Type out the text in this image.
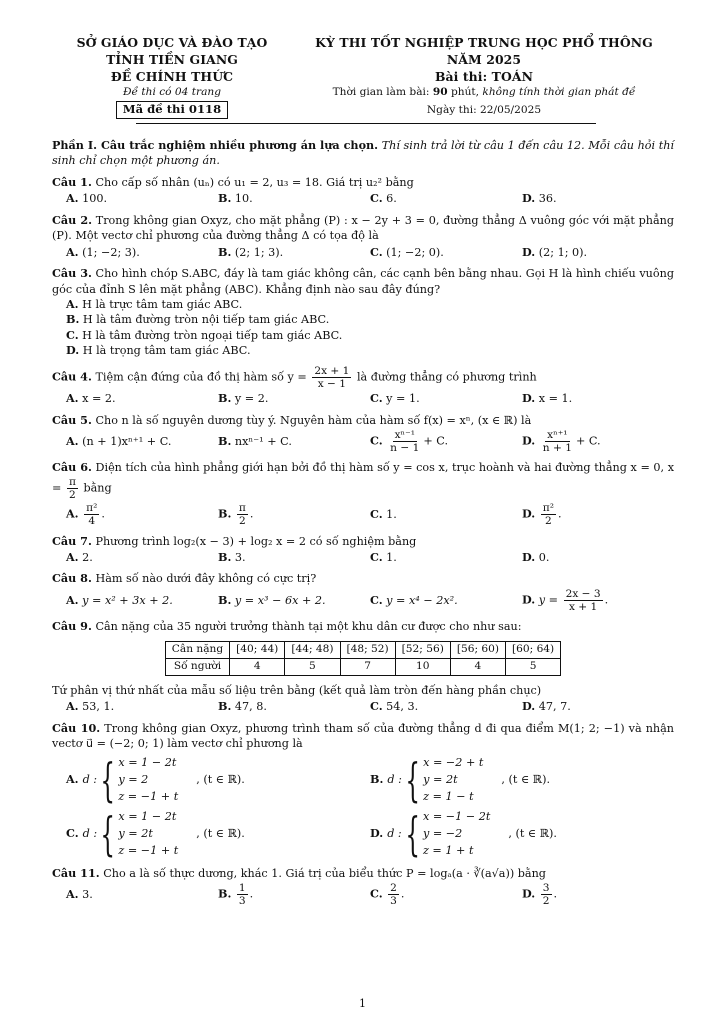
SỞ GIÁO DỤC VÀ ĐÀO TẠO
TỈNH TIỀN GIANG
ĐỀ CHÍNH THỨC
Đề thi có 04 trang
Mã đề thi 0118
KỲ THI TỐT NGHIỆP TRUNG HỌC PHỔ THÔNG
NĂM 2025
Bài thi: TOÁN
Thời gian làm bài: 90 phút, không tính thời gian phát đề
Ngày thi: 22/05/2025
Phần I. Câu trắc nghiệm nhiều phương án lựa chọn. Thí sinh trả lời từ câu 1 đến câu 12. Mỗi câu hỏi thí sinh chỉ chọn một phương án.
Câu 1. Cho cấp số nhân (uₙ) có u₁ = 2, u₃ = 18. Giá trị u₂² bằng
A. 100.	B. 10.	C. 6.	D. 36.
Câu 2. Trong không gian Oxyz, cho mặt phẳng (P) : x − 2y + 3 = 0, đường thẳng Δ vuông góc với mặt phẳng (P). Một vectơ chỉ phương của đường thẳng Δ có tọa độ là
A. (1; −2; 3).	B. (2; 1; 3).	C. (1; −2; 0).	D. (2; 1; 0).
Câu 3. Cho hình chóp S.ABC, đáy là tam giác không cân, các cạnh bên bằng nhau. Gọi H là hình chiếu vuông góc của đỉnh S lên mặt phẳng (ABC). Khẳng định nào sau đây đúng?
A. H là trực tâm tam giác ABC.
B. H là tâm đường tròn nội tiếp tam giác ABC.
C. H là tâm đường tròn ngoại tiếp tam giác ABC.
D. H là trọng tâm tam giác ABC.
Câu 4. Tiệm cận đứng của đồ thị hàm số $y = \frac{2x + 1}{x - 1}$ là đường thẳng có phương trình
A. x = 2.	B. y = 2.	C. y = 1.	D. x = 1.
Câu 5. Cho n là số nguyên dương tùy ý. Nguyên hàm của hàm số f(x) = xⁿ, (x ∈ ℝ) là
A. (n + 1)xⁿ⁺¹ + C.	B. nxⁿ⁻¹ + C.	C. $\frac{\text{xⁿ⁻¹}}{n - 1} + C$.	D. $\frac{\text{xⁿ⁺¹}}{n + 1} + C$.
Câu 6. Diện tích của hình phẳng giới hạn bởi đồ thị hàm số y = cos x, trục hoành và hai đường thẳng x = 0, $x = \frac{\pi}{2}$ bằng
A. $\frac{\text{π²}}{4}$ .	B. $\frac{\pi}{2}$ .	C. 1.	D. $\frac{\text{π²}}{2}$ .
Câu 7. Phương trình log₂(x − 3) + log₂ x = 2 có số nghiệm bằng
A. 2.	B. 3.	C. 1.	D. 0.
Câu 8. Hàm số nào dưới đây không có cực trị?
A. y = x² + 3x + 2.	B. y = x³ − 6x + 2.	C. y = x⁴ − 2x².	D. $y = \frac{2x - 3}{x + 1}$ .
Câu 9. Cân nặng của 35 người trưởng thành tại một khu dân cư được cho như sau:
Cân nặng	[40; 44)	[44; 48)	[48; 52)	[52; 56)	[56; 60)	[60; 64)
Số người	4	5	7	10	4	5
Tứ phân vị thứ nhất của mẫu số liệu trên bằng (kết quả làm tròn đến hàng phần chục)
A. 53, 1.	B. 47, 8.	C. 54, 3.	D. 47, 7.
Câu 10. Trong không gian Oxyz, phương trình tham số của đường thẳng d đi qua điểm M(1; 2; −1) và nhận vectơ u⃗ = (−2; 0; 1) làm vectơ chỉ phương là
A. d : { x = 1 − 2t
y = 2
z = −1 + t
, (t ∈ ℝ).	B. d : { x = −2 + t
y = 2t
z = 1 − t
, (t ∈ ℝ).
C. d : { x = 1 − 2t
y = 2t
z = −1 + t
, (t ∈ ℝ).	D. d : { x = −1 − 2t
y = −2
z = 1 + t
, (t ∈ ℝ).
Câu 11. Cho a là số thực dương, khác 1. Giá trị của biểu thức P = logₐ(a · ∛(a√a)) bằng
A. 3.	B. $\frac{1}{3}$ .	C. $\frac{2}{3}$ .	D. $\frac{3}{2}$ .
1
